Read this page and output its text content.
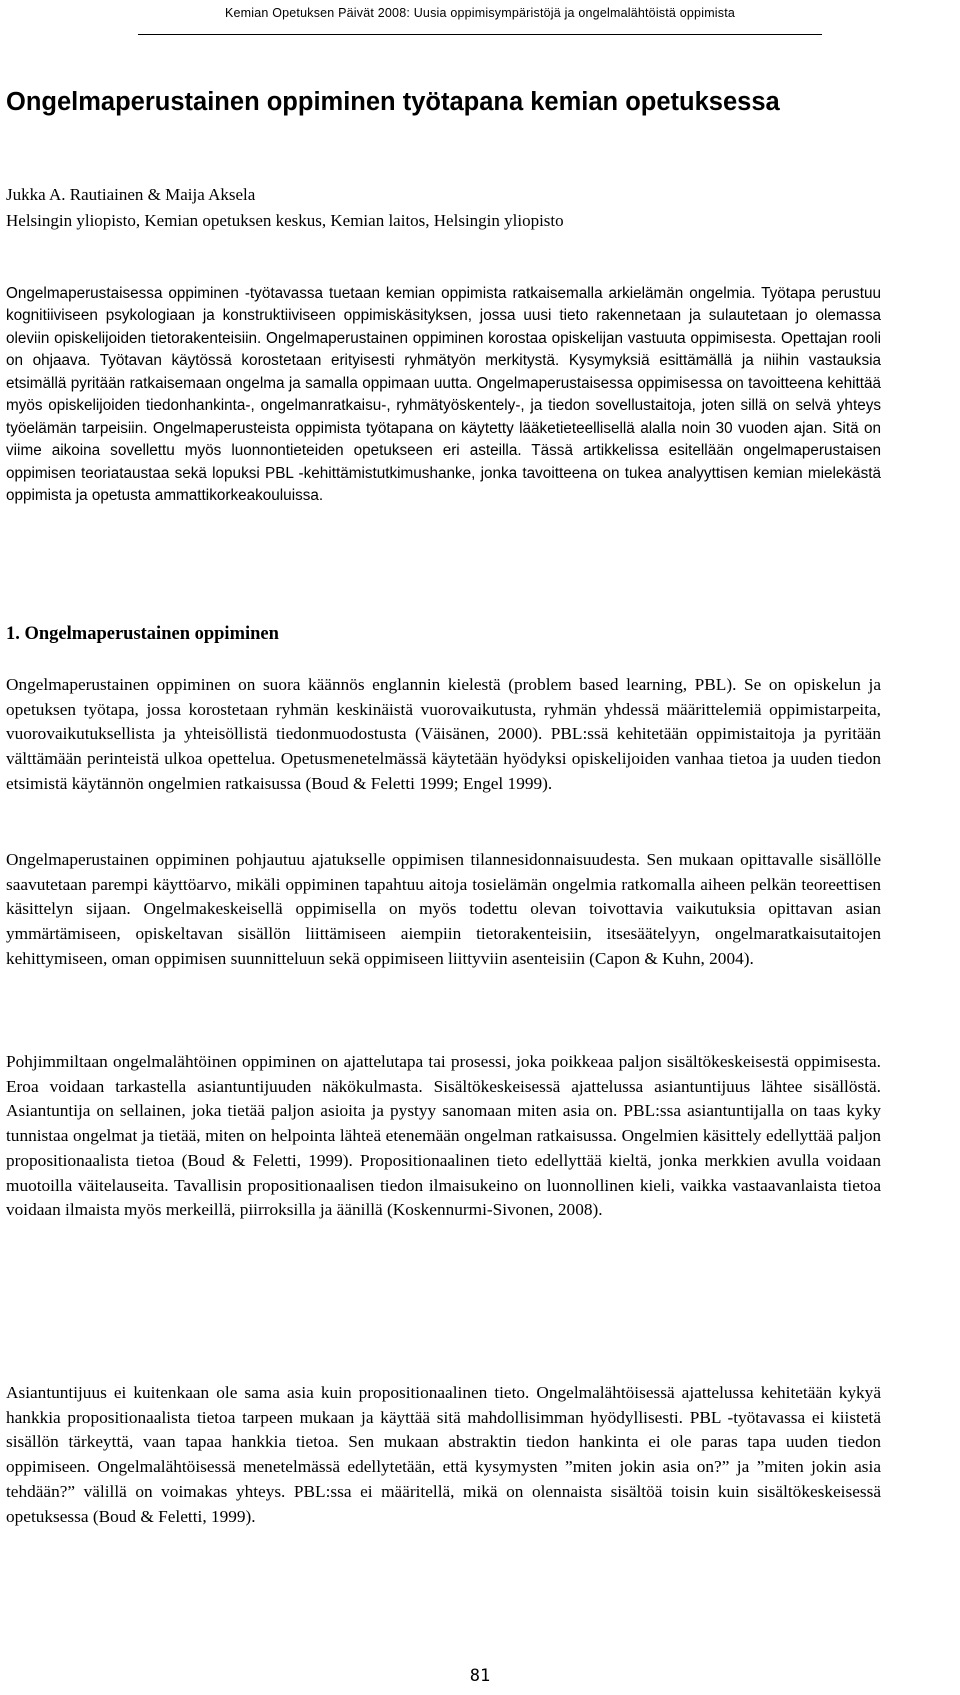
Kemian Opetuksen Päivät 2008: Uusia oppimisympäristöjä ja ongelmalähtöistä oppimista
Ongelmaperustainen oppiminen työtapana kemian opetuksessa
Jukka A. Rautiainen & Maija Aksela
Helsingin yliopisto, Kemian opetuksen keskus, Kemian laitos, Helsingin yliopisto

Ongelmaperustaisessa oppiminen -työtavassa tuetaan kemian oppimista ratkaisemalla arkielämän ongelmia. Työtapa perustuu kognitiiviseen psykologiaan ja konstruktiiviseen oppimiskäsityksen, jossa uusi tieto rakennetaan ja sulautetaan jo olemassa oleviin opiskelijoiden tietorakenteisiin. Ongelmaperustainen oppiminen korostaa opiskelijan vastuuta oppimisesta. Opettajan rooli on ohjaava. Työtavan käytössä korostetaan erityisesti ryhmätyön merkitystä. Kysymyksiä esittämällä ja niihin vastauksia etsimällä pyritään ratkaisemaan ongelma ja samalla oppimaan uutta. Ongelmaperustaisessa oppimisessa on tavoitteena kehittää myös opiskelijoiden tiedonhankinta-, ongelmanratkaisu-, ryhmätyöskentely-, ja tiedon sovellustaitoja, joten sillä on selvä yhteys työelämän tarpeisiin. Ongelmaperusteista oppimista työtapana on käytetty lääketieteellisellä alalla noin 30 vuoden ajan. Sitä on viime aikoina sovellettu myös luonnontieteiden opetukseen eri asteilla. Tässä artikkelissa esitellään ongelmaperustaisen oppimisen teoriataustaa sekä lopuksi PBL -kehittämistutkimushanke, jonka tavoitteena on tukea analyyttisen kemian mielekästä oppimista ja opetusta ammattikorkeakouluissa.

1. Ongelmaperustainen oppiminen

Ongelmaperustainen oppiminen on suora käännös englannin kielestä (problem based learning, PBL). Se on opiskelun ja opetuksen työtapa, jossa korostetaan ryhmän keskinäistä vuorovaikutusta, ryhmän yhdessä määrittelemiä oppimistarpeita, vuorovaikutuksellista ja yhteisöllistä tiedonmuodostusta (Väisänen, 2000). PBL:ssä kehitetään oppimistaitoja ja pyritään välttämään perinteistä ulkoa opettelua. Opetusmenetelmässä käytetään hyödyksi opiskelijoiden vanhaa tietoa ja uuden tiedon etsimistä käytännön ongelmien ratkaisussa (Boud & Feletti 1999; Engel 1999).

Ongelmaperustainen oppiminen pohjautuu ajatukselle oppimisen tilannesidonnaisuudesta. Sen mukaan opittavalle sisällölle saavutetaan parempi käyttöarvo, mikäli oppiminen tapahtuu aitoja tosielämän ongelmia ratkomalla aiheen pelkän teoreettisen käsittelyn sijaan. Ongelmakeskeisellä oppimisella on myös todettu olevan toivottavia vaikutuksia opittavan asian ymmärtämiseen, opiskeltavan sisällön liittämiseen aiempiin tietorakenteisiin, itsesäätelyyn, ongelmaratkaisutaitojen kehittymiseen, oman oppimisen suunnitteluun sekä oppimiseen liittyviin asenteisiin (Capon & Kuhn, 2004).

Pohjimmiltaan ongelmalähtöinen oppiminen on ajattelutapa tai prosessi, joka poikkeaa paljon sisältökeskeisestä oppimisesta. Eroa voidaan tarkastella asiantuntijuuden näkökulmasta. Sisältökeskeisessä ajattelussa asiantuntijuus lähtee sisällöstä. Asiantuntija on sellainen, joka tietää paljon asioita ja pystyy sanomaan miten asia on. PBL:ssa asiantuntijalla on taas kyky tunnistaa ongelmat ja tietää, miten on helpointa lähteä etenemään ongelman ratkaisussa. Ongelmien käsittely edellyttää paljon propositionaalista tietoa (Boud & Feletti, 1999). Propositionaalinen tieto edellyttää kieltä, jonka merkkien avulla voidaan muotoilla väitelauseita. Tavallisin propositionaalisen tiedon ilmaisukeino on luonnollinen kieli, vaikka vastaavanlaista tietoa voidaan ilmaista myös merkeillä, piirroksilla ja äänillä (Koskennurmi-Sivonen, 2008).

Asiantuntijuus ei kuitenkaan ole sama asia kuin propositionaalinen tieto. Ongelmalähtöisessä ajattelussa kehitetään kykyä hankkia propositionaalista tietoa tarpeen mukaan ja käyttää sitä mahdollisimman hyödyllisesti. PBL -työtavassa ei kiistetä sisällön tärkeyttä, vaan tapaa hankkia tietoa. Sen mukaan abstraktin tiedon hankinta ei ole paras tapa uuden tiedon oppimiseen. Ongelmalähtöisessä menetelmässä edellytetään, että kysymysten ”miten jokin asia on?” ja ”miten jokin asia tehdään?” välillä on voimakas yhteys. PBL:ssa ei määritellä, mikä on olennaista sisältöä toisin kuin sisältökeskeisessä opetuksessa (Boud & Feletti, 1999).

81
